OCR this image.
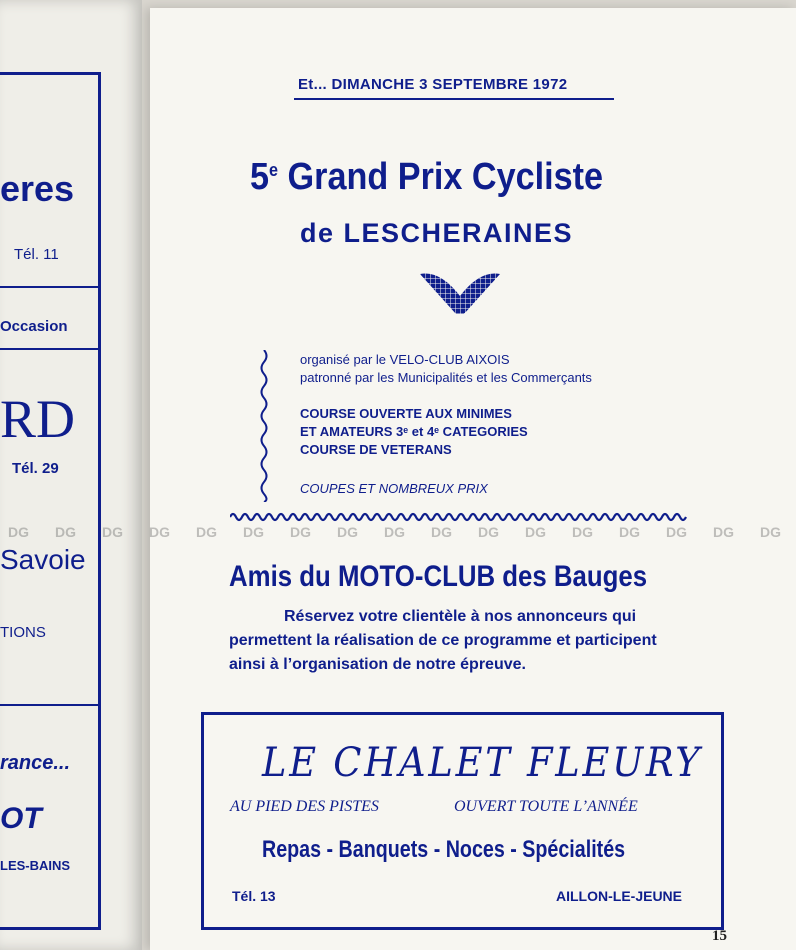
eres
Tél. 11
Occasion
RD
Tél. 29
Savoie
TIONS
rance...
OT
LES-BAINS
Et... DIMANCHE 3 SEPTEMBRE 1972
5e Grand Prix Cycliste
de LESCHERAINES
organisé par le VELO-CLUB AIXOIS
patronné par les Municipalités et les Commerçants
COURSE OUVERTE AUX MINIMES
ET AMATEURS 3ᵉ et 4ᵉ CATEGORIES
COURSE DE VETERANS
COUPES ET NOMBREUX PRIX
DG DG DG DG DG DG DG DG DG DG DG DG DG DG DG DG DG
Amis du MOTO-CLUB des Bauges
Réservez votre clientèle à nos annonceurs qui
permettent la réalisation de ce programme et participent
ainsi à l’organisation de notre épreuve.
LE CHALET FLEURY
AU PIED DES PISTES	OUVERT TOUTE L’ANNÉE
Repas - Banquets - Noces - Spécialités
Tél. 13	AILLON-LE-JEUNE
15
